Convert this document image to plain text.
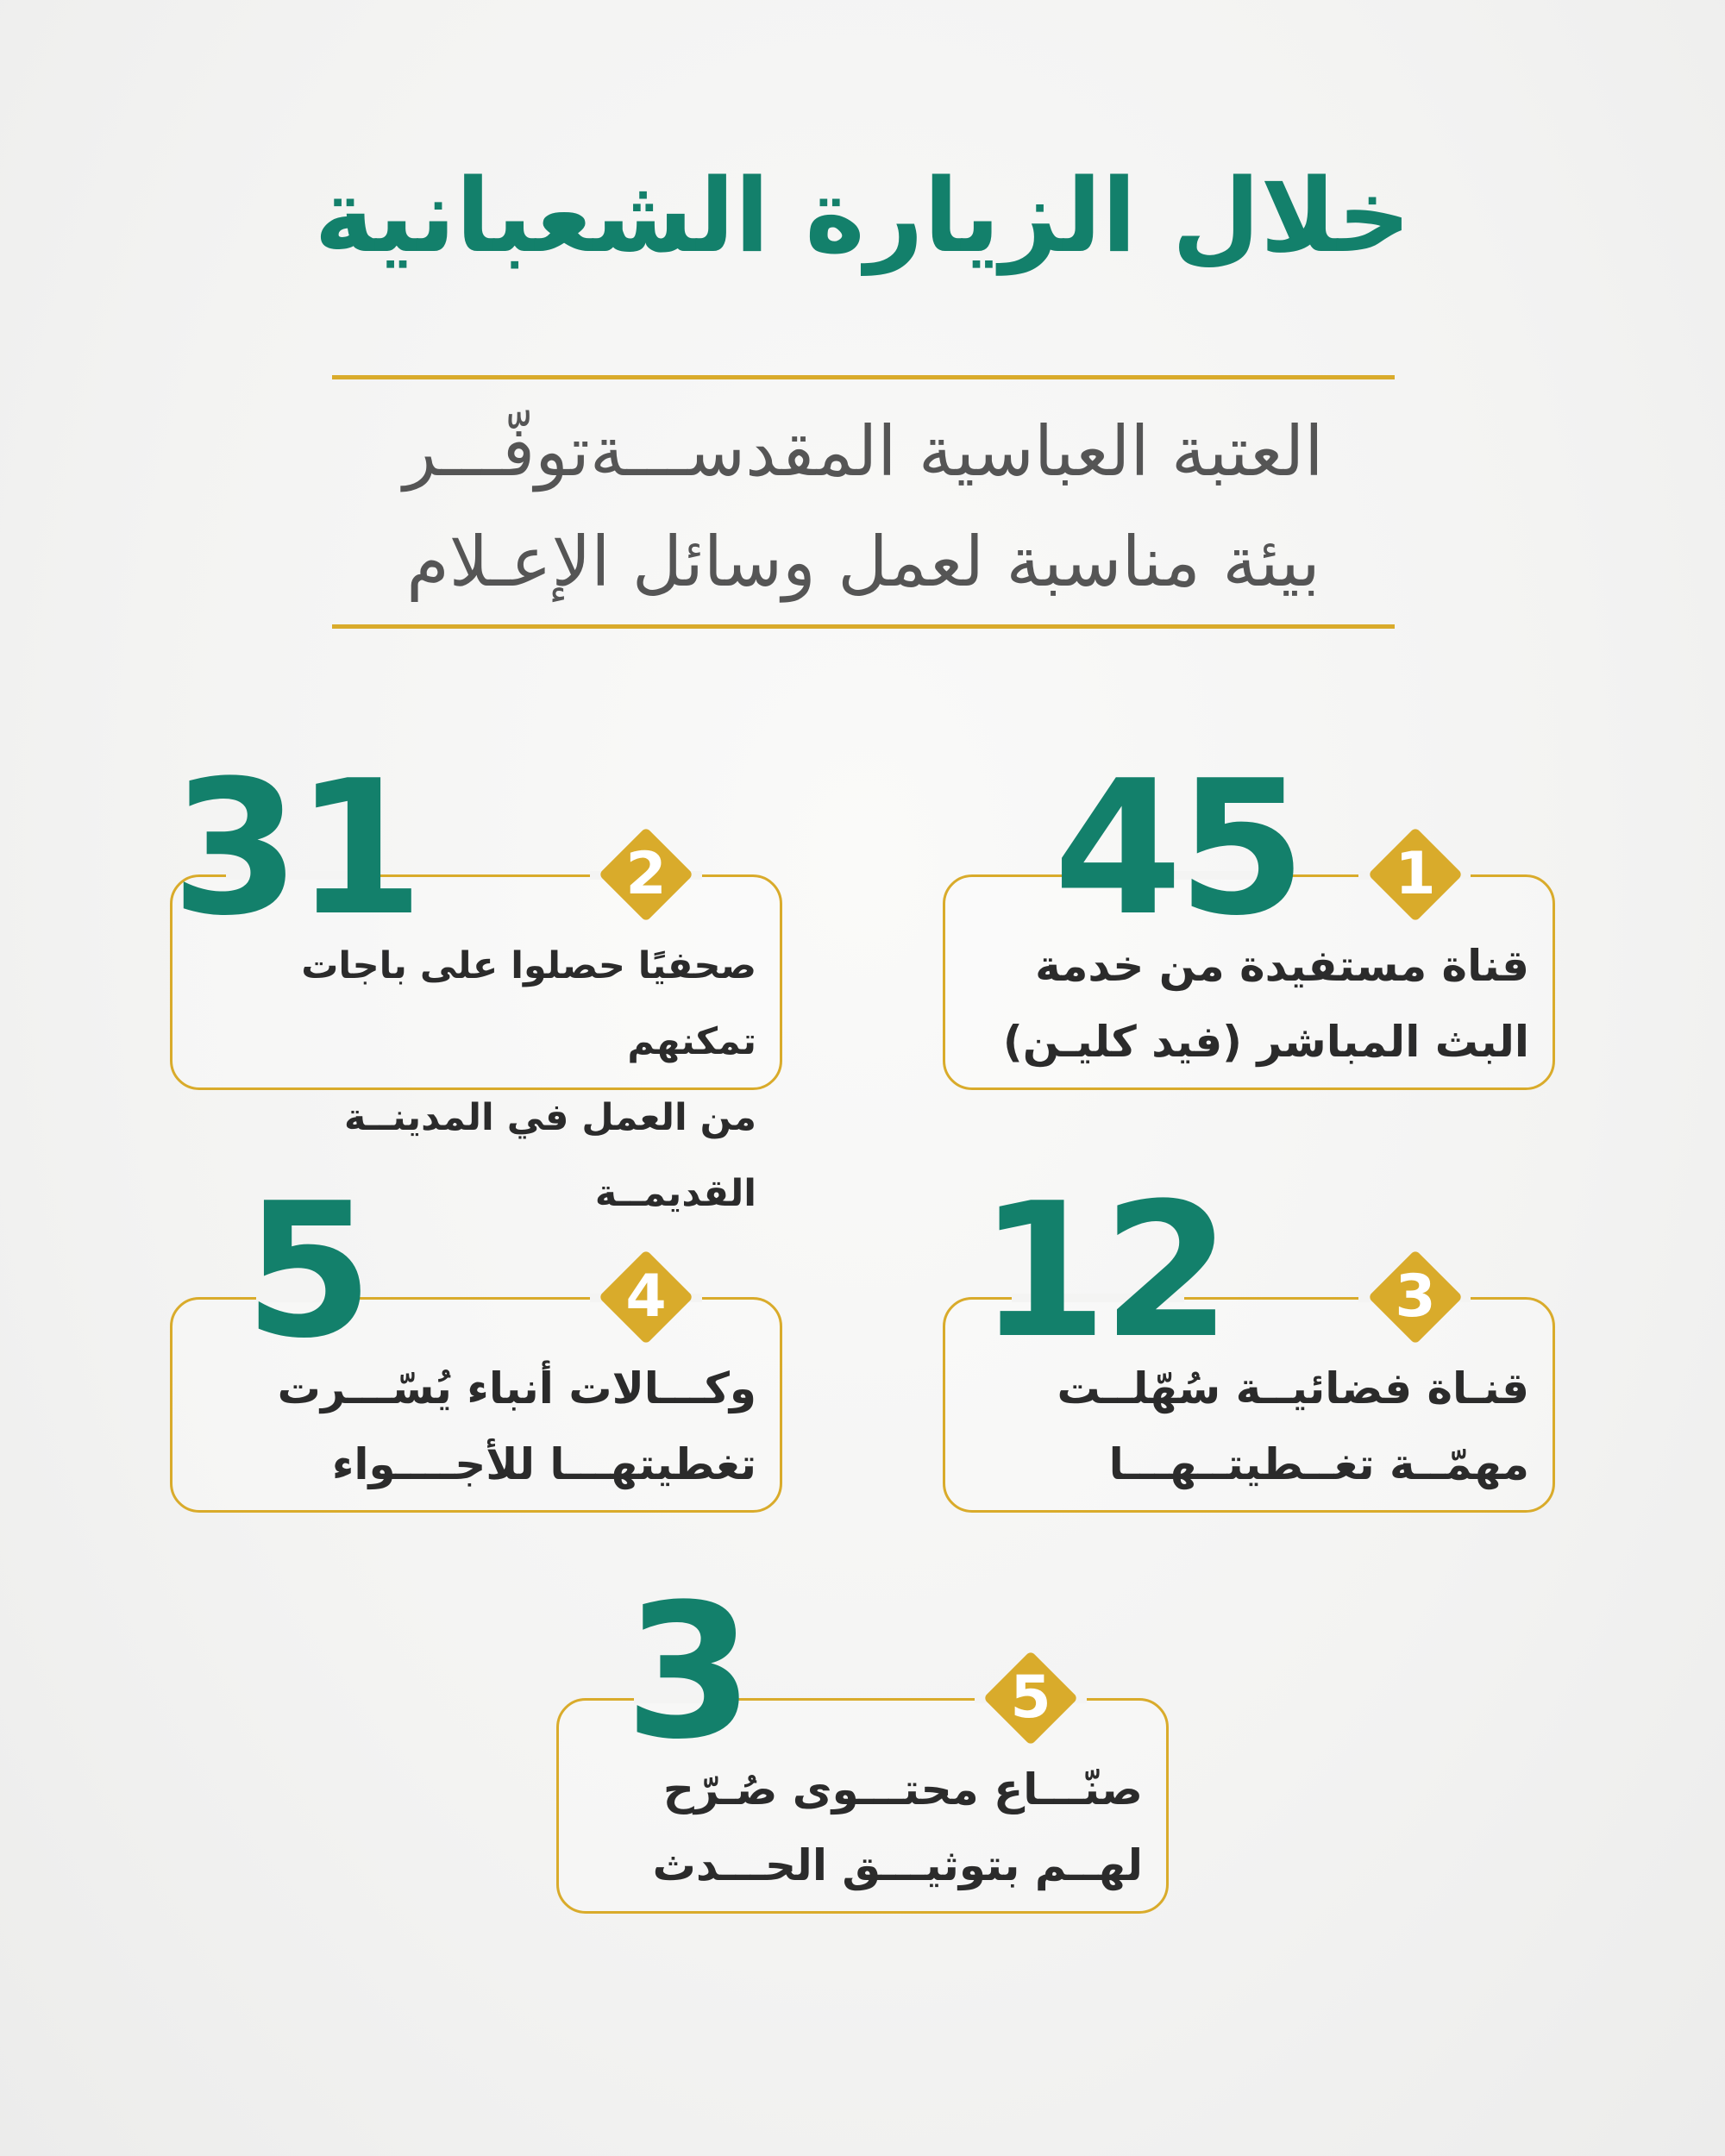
خلال الزيارة الشعبانية

العتبة العباسية المقدســـةتوفّـــر
بيئة مناسبة لعمل وسائل الإعـلام

45	1
قناة مستفيدة من خدمة
البث المباشر (فيد كليـن)
31	2
صحفيًا حصلوا على باجات تمكنهم
من العمل في المدينــة القديمــة 12	3
قنـاة فضائيــة سُهّلــت
مهمّــة تغــطيتــهـــا
5	4
وكـــالات أنباء يُسّـــرت
تغطيتهـــا للأجــــواء
3	5
صنّـــاع محتـــوى صُـرّح
لهــم بتوثيـــق الحـــدث
